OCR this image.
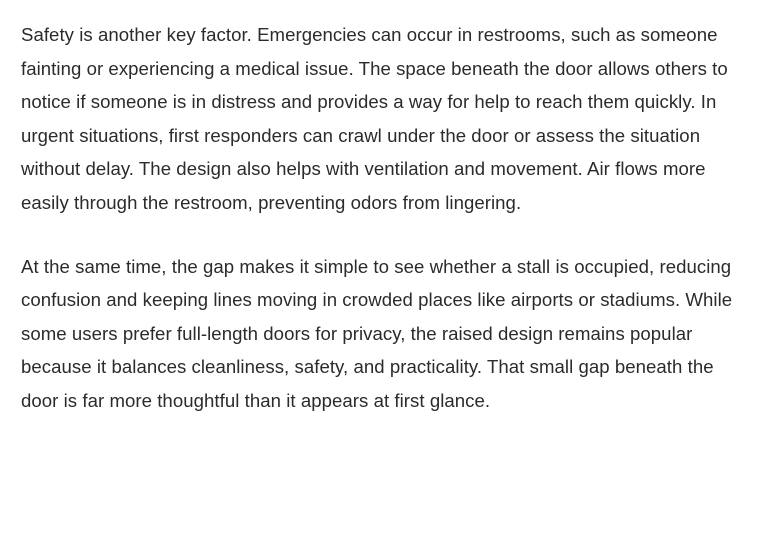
Safety is another key factor. Emergencies can occur in restrooms, such as someone fainting or experiencing a medical issue. The space beneath the door allows others to notice if someone is in distress and provides a way for help to reach them quickly. In urgent situations, first responders can crawl under the door or assess the situation without delay. The design also helps with ventilation and movement. Air flows more easily through the restroom, preventing odors from lingering.

At the same time, the gap makes it simple to see whether a stall is occupied, reducing confusion and keeping lines moving in crowded places like airports or stadiums. While some users prefer full-length doors for privacy, the raised design remains popular because it balances cleanliness, safety, and practicality. That small gap beneath the door is far more thoughtful than it appears at first glance.
